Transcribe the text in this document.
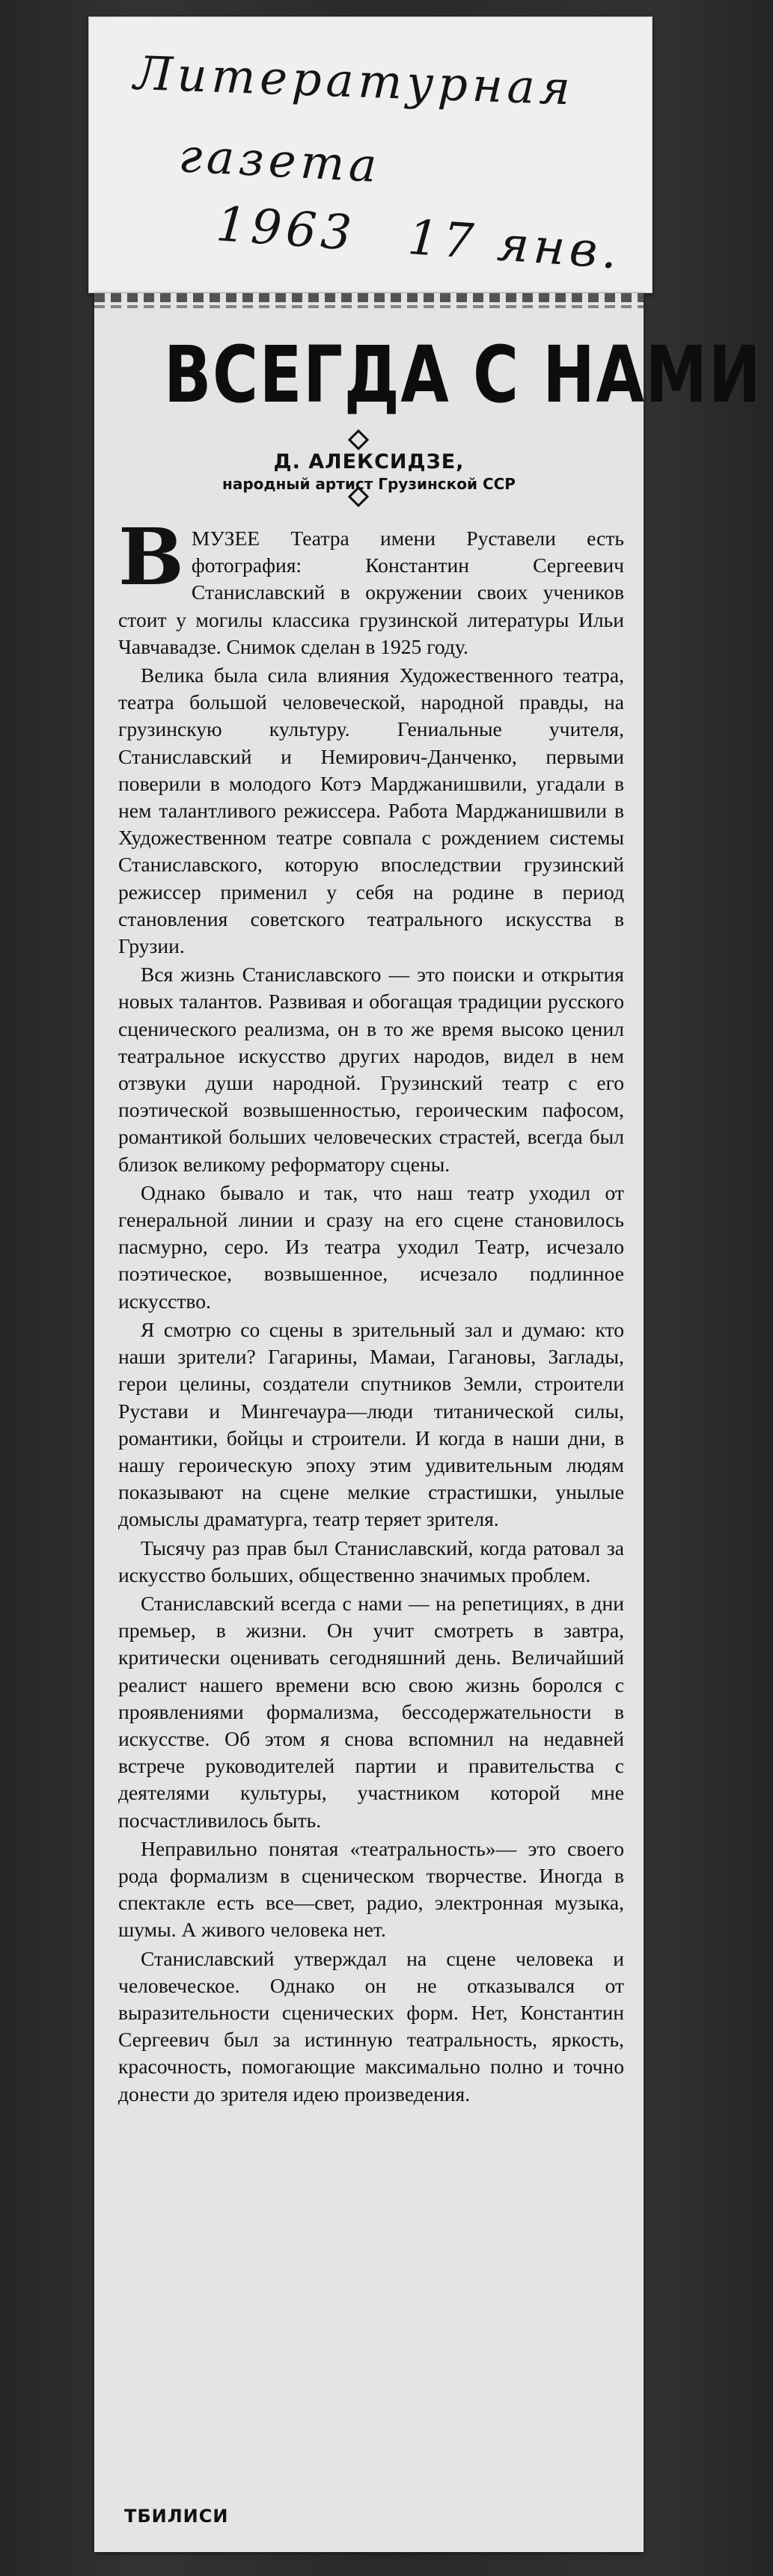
Литературная
газета
1963 17 янв.
ВСЕГДА С НАМИ
Д. АЛЕКСИДЗЕ,
народный артист Грузинской ССР

ВМУЗЕЕ Театра имени Руставели есть фотография: Константин Сергеевич Станиславский в окружении своих учеников стоит у могилы классика грузинской литературы Ильи Чавчавадзе. Снимок сделан в 1925 году.

Велика была сила влияния Художественного театра, театра большой человеческой, народной правды, на грузинскую культуру. Гениальные учителя, Станиславский и Немирович-Данченко, первыми поверили в молодого Котэ Марджанишвили, угадали в нем талантливого режиссера. Работа Марджанишвили в Художественном театре совпала с рождением системы Станиславского, которую впоследствии грузинский режиссер применил у себя на родине в период становления советского театрального искусства в Грузии.

Вся жизнь Станиславского — это поиски и открытия новых талантов. Развивая и обогащая традиции русского сценического реализма, он в то же время высоко ценил театральное искусство других народов, видел в нем отзвуки души народной. Грузинский театр с его поэтической возвышенностью, героическим пафосом, романтикой больших человеческих страстей, всегда был близок великому реформатору сцены.

Однако бывало и так, что наш театр уходил от генеральной линии и сразу на его сцене становилось пасмурно, серо. Из театра уходил Театр, исчезало поэтическое, возвышенное, исчезало подлинное искусство.

Я смотрю со сцены в зрительный зал и думаю: кто наши зрители? Гагарины, Мамаи, Гагановы, Заглады, герои целины, создатели спутников Земли, строители Рустави и Мингечаура—люди титанической силы, романтики, бойцы и строители. И когда в наши дни, в нашу героическую эпоху этим удивительным людям показывают на сцене мелкие страстишки, унылые домыслы драматурга, театр теряет зрителя.

Тысячу раз прав был Станиславский, когда ратовал за искусство больших, общественно значимых проблем.

Станиславский всегда с нами — на репетициях, в дни премьер, в жизни. Он учит смотреть в завтра, критически оценивать сегодняшний день. Величайший реалист нашего времени всю свою жизнь боролся с проявлениями формализма, бессодержательности в искусстве. Об этом я снова вспомнил на недавней встрече руководителей партии и правительства с деятелями культуры, участником которой мне посчастливилось быть.

Неправильно понятая «театральность»— это своего рода формализм в сценическом творчестве. Иногда в спектакле есть все—свет, радио, электронная музыка, шумы. А живого человека нет.

Станиславский утверждал на сцене человека и человеческое. Однако он не отказывался от выразительности сценических форм. Нет, Константин Сергеевич был за истинную театральность, яркость, красочность, помогающие максимально полно и точно донести до зрителя идею произведения.

ТБИЛИСИ
